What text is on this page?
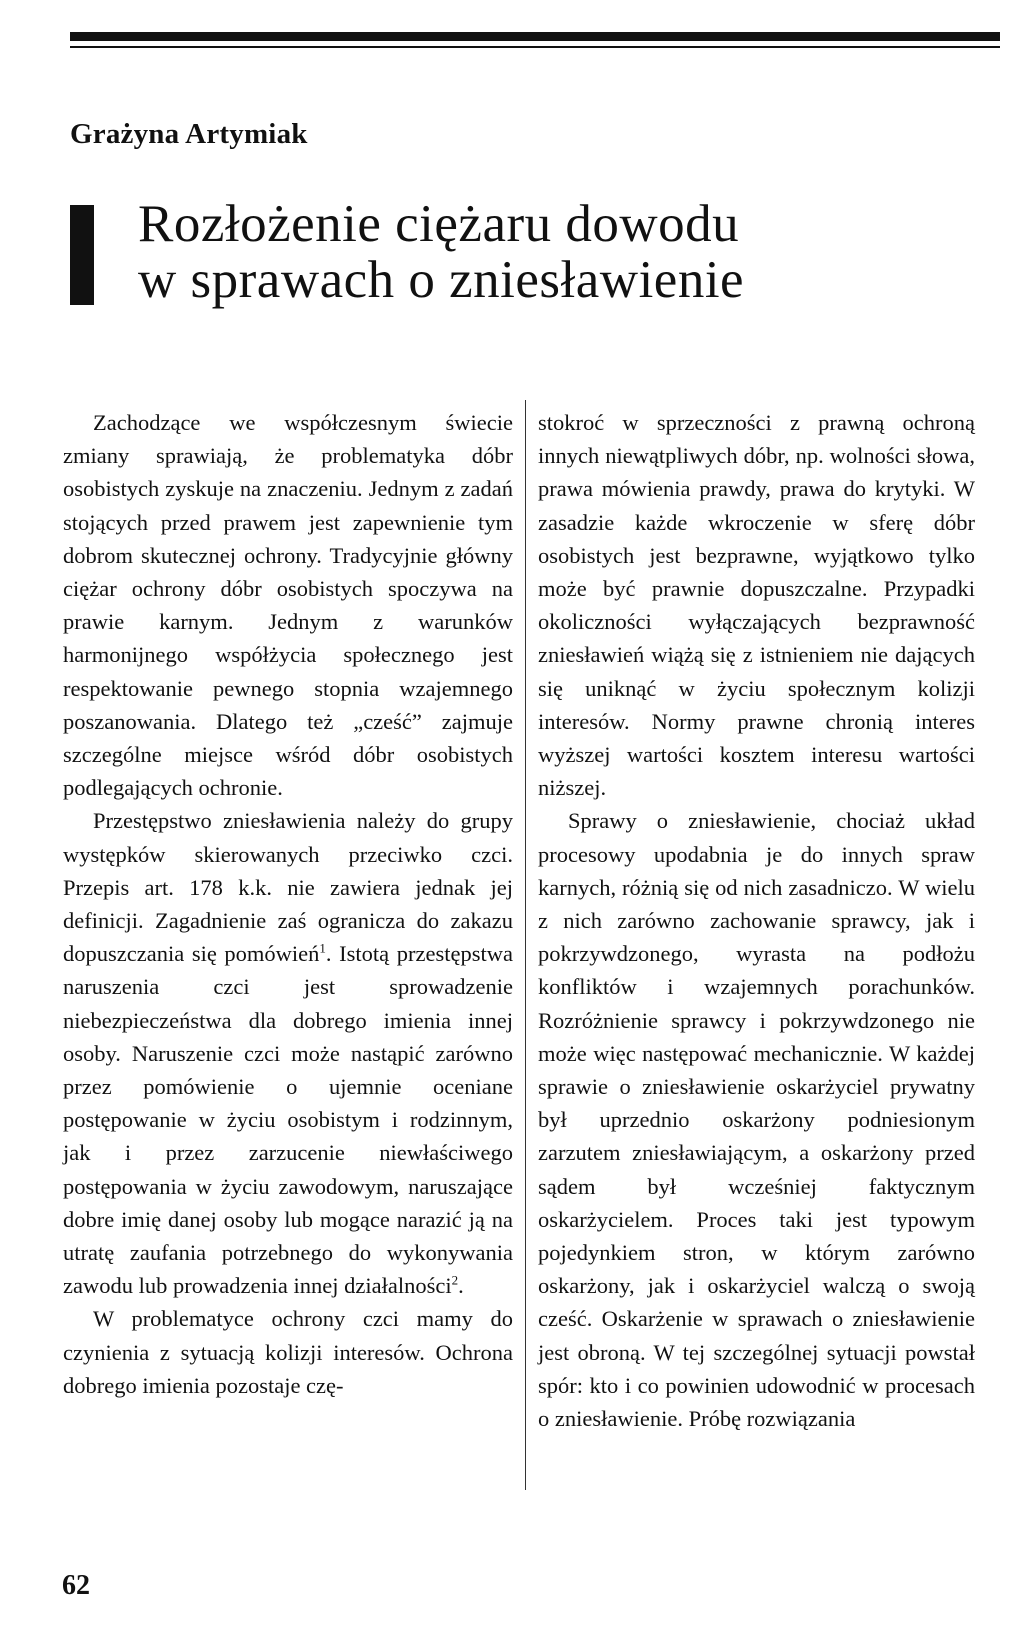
Grażyna Artymiak
Rozłożenie ciężaru dowodu
w sprawach o zniesławienie

Zachodzące we współczesnym świecie zmiany sprawiają, że problematyka dóbr osobistych zyskuje na znaczeniu. Jednym z zadań stojących przed prawem jest zapewnienie tym dobrom skutecznej ochrony. Tradycyjnie główny ciężar ochrony dóbr osobistych spoczywa na prawie karnym. Jednym z warunków harmonijnego współżycia społecznego jest respektowanie pewnego stopnia wzajemnego poszanowania. Dlatego też „cześć” zajmuje szczególne miejsce wśród dóbr osobistych podlegających ochronie.

Przestępstwo zniesławienia należy do grupy występków skierowanych przeciwko czci. Przepis art. 178 k.k. nie zawiera jednak jej definicji. Zagadnienie zaś ogranicza do zakazu dopuszczania się pomówień$^1$. Istotą przestępstwa naruszenia czci jest sprowadzenie niebezpieczeństwa dla dobrego imienia innej osoby. Naruszenie czci może nastąpić zarówno przez pomówienie o ujemnie oceniane postępowanie w życiu osobistym i rodzinnym, jak i przez zarzucenie niewłaściwego postępowania w życiu zawodowym, naruszające dobre imię danej osoby lub mogące narazić ją na utratę zaufania potrzebnego do wykonywania zawodu lub prowadzenia innej działalności$^2$.

W problematyce ochrony czci mamy do czynienia z sytuacją kolizji interesów. Ochrona dobrego imienia pozostaje czę-

stokroć w sprzeczności z prawną ochroną innych niewątpliwych dóbr, np. wolności słowa, prawa mówienia prawdy, prawa do krytyki. W zasadzie każde wkroczenie w sferę dóbr osobistych jest bezprawne, wyjątkowo tylko może być prawnie dopuszczalne. Przypadki okoliczności wyłączających bezprawność zniesławień wiążą się z istnieniem nie dających się uniknąć w życiu społecznym kolizji interesów. Normy prawne chronią interes wyższej wartości kosztem interesu wartości niższej.

Sprawy o zniesławienie, chociaż układ procesowy upodabnia je do innych spraw karnych, różnią się od nich zasadniczo. W wielu z nich zarówno zachowanie sprawcy, jak i pokrzywdzonego, wyrasta na podłożu konfliktów i wzajemnych porachunków. Rozróżnienie sprawcy i pokrzywdzonego nie może więc następować mechanicznie. W każdej sprawie o zniesławienie oskarżyciel prywatny był uprzednio oskarżony podniesionym zarzutem zniesławiającym, a oskarżony przed sądem był wcześniej faktycznym oskarżycielem. Proces taki jest typowym pojedynkiem stron, w którym zarówno oskarżony, jak i oskarżyciel walczą o swoją cześć. Oskarżenie w sprawach o zniesławienie jest obroną. W tej szczególnej sytuacji powstał spór: kto i co powinien udowodnić w procesach o zniesławienie. Próbę rozwiązania

62
